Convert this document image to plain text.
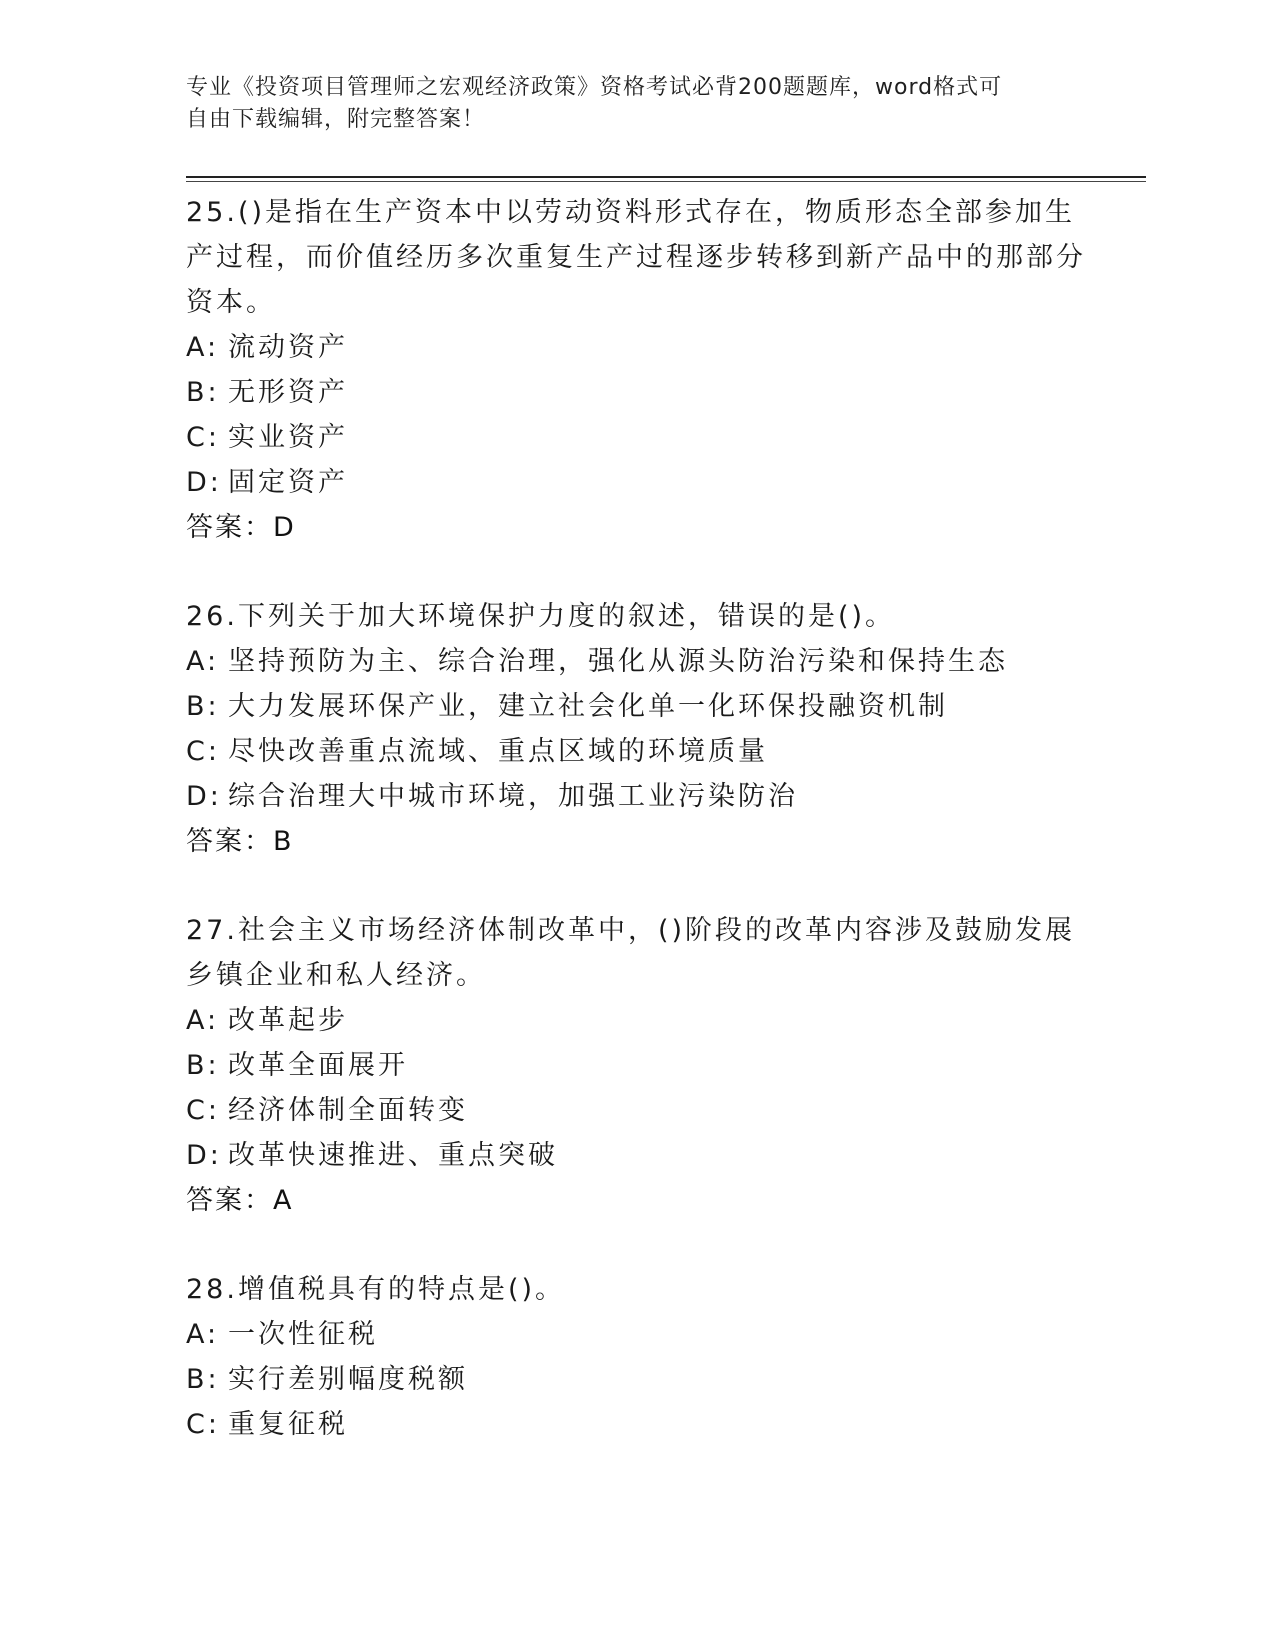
专业《投资项目管理师之宏观经济政策》资格考试必背200题题库，word格式可
自由下载编辑，附完整答案！

25.()是指在生产资本中以劳动资料形式存在，物质形态全部参加生产过程，而价值经历多次重复生产过程逐步转移到新产品中的那部分资本。

A: 流动资产

B: 无形资产

C: 实业资产

D: 固定资产

答案：D

26.下列关于加大环境保护力度的叙述，错误的是()。

A: 坚持预防为主、综合治理，强化从源头防治污染和保持生态

B: 大力发展环保产业，建立社会化单一化环保投融资机制

C: 尽快改善重点流域、重点区域的环境质量

D: 综合治理大中城市环境，加强工业污染防治

答案：B

27.社会主义市场经济体制改革中，()阶段的改革内容涉及鼓励发展乡镇企业和私人经济。

A: 改革起步

B: 改革全面展开

C: 经济体制全面转变

D: 改革快速推进、重点突破

答案：A

28.增值税具有的特点是()。

A: 一次性征税

B: 实行差别幅度税额

C: 重复征税
